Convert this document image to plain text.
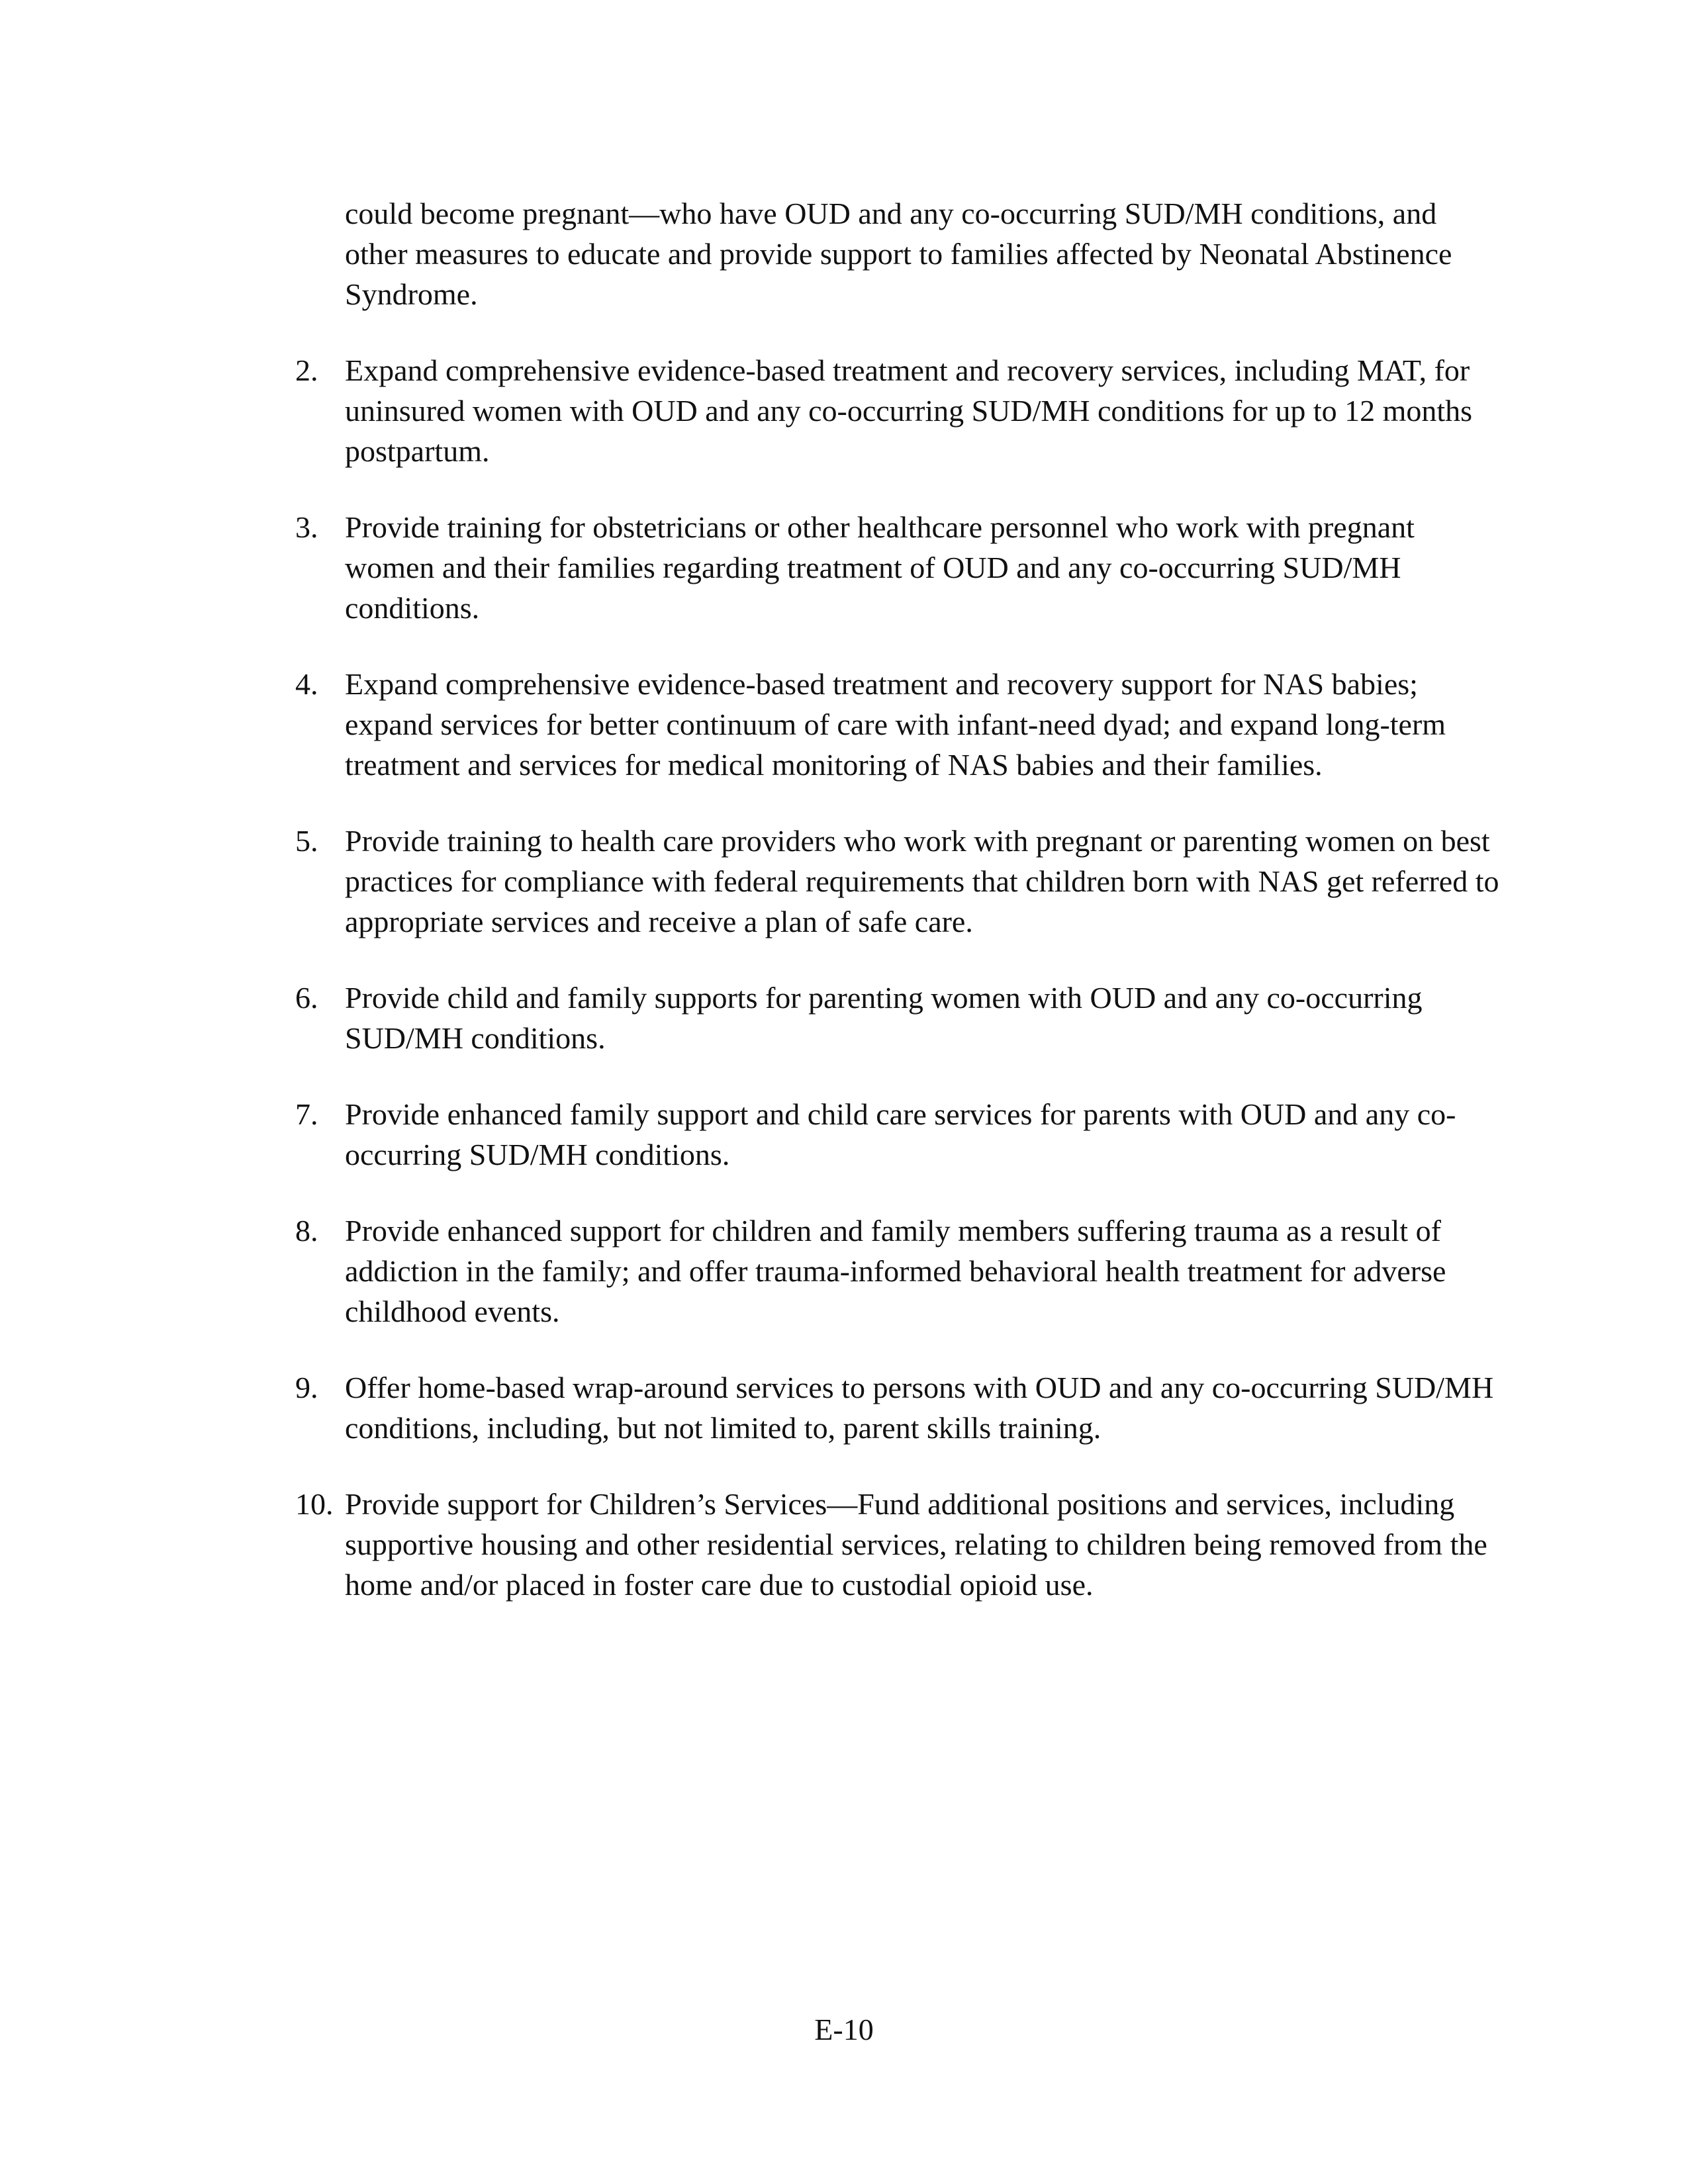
could become pregnant—who have OUD and any co-occurring SUD/MH conditions, and other measures to educate and provide support to families affected by Neonatal Abstinence Syndrome.

2. Expand comprehensive evidence-based treatment and recovery services, including MAT, for uninsured women with OUD and any co-occurring SUD/MH conditions for up to 12 months postpartum.
3. Provide training for obstetricians or other healthcare personnel who work with pregnant women and their families regarding treatment of OUD and any co-occurring SUD/MH conditions.
4. Expand comprehensive evidence-based treatment and recovery support for NAS babies; expand services for better continuum of care with infant-need dyad; and expand long-term treatment and services for medical monitoring of NAS babies and their families.
5. Provide training to health care providers who work with pregnant or parenting women on best practices for compliance with federal requirements that children born with NAS get referred to appropriate services and receive a plan of safe care.
6. Provide child and family supports for parenting women with OUD and any co-occurring SUD/MH conditions.
7. Provide enhanced family support and child care services for parents with OUD and any co-occurring SUD/MH conditions.
8. Provide enhanced support for children and family members suffering trauma as a result of addiction in the family; and offer trauma-informed behavioral health treatment for adverse childhood events.
9. Offer home-based wrap-around services to persons with OUD and any co-occurring SUD/MH conditions, including, but not limited to, parent skills training.
10. Provide support for Children’s Services—Fund additional positions and services, including supportive housing and other residential services, relating to children being removed from the home and/or placed in foster care due to custodial opioid use.
E-10
